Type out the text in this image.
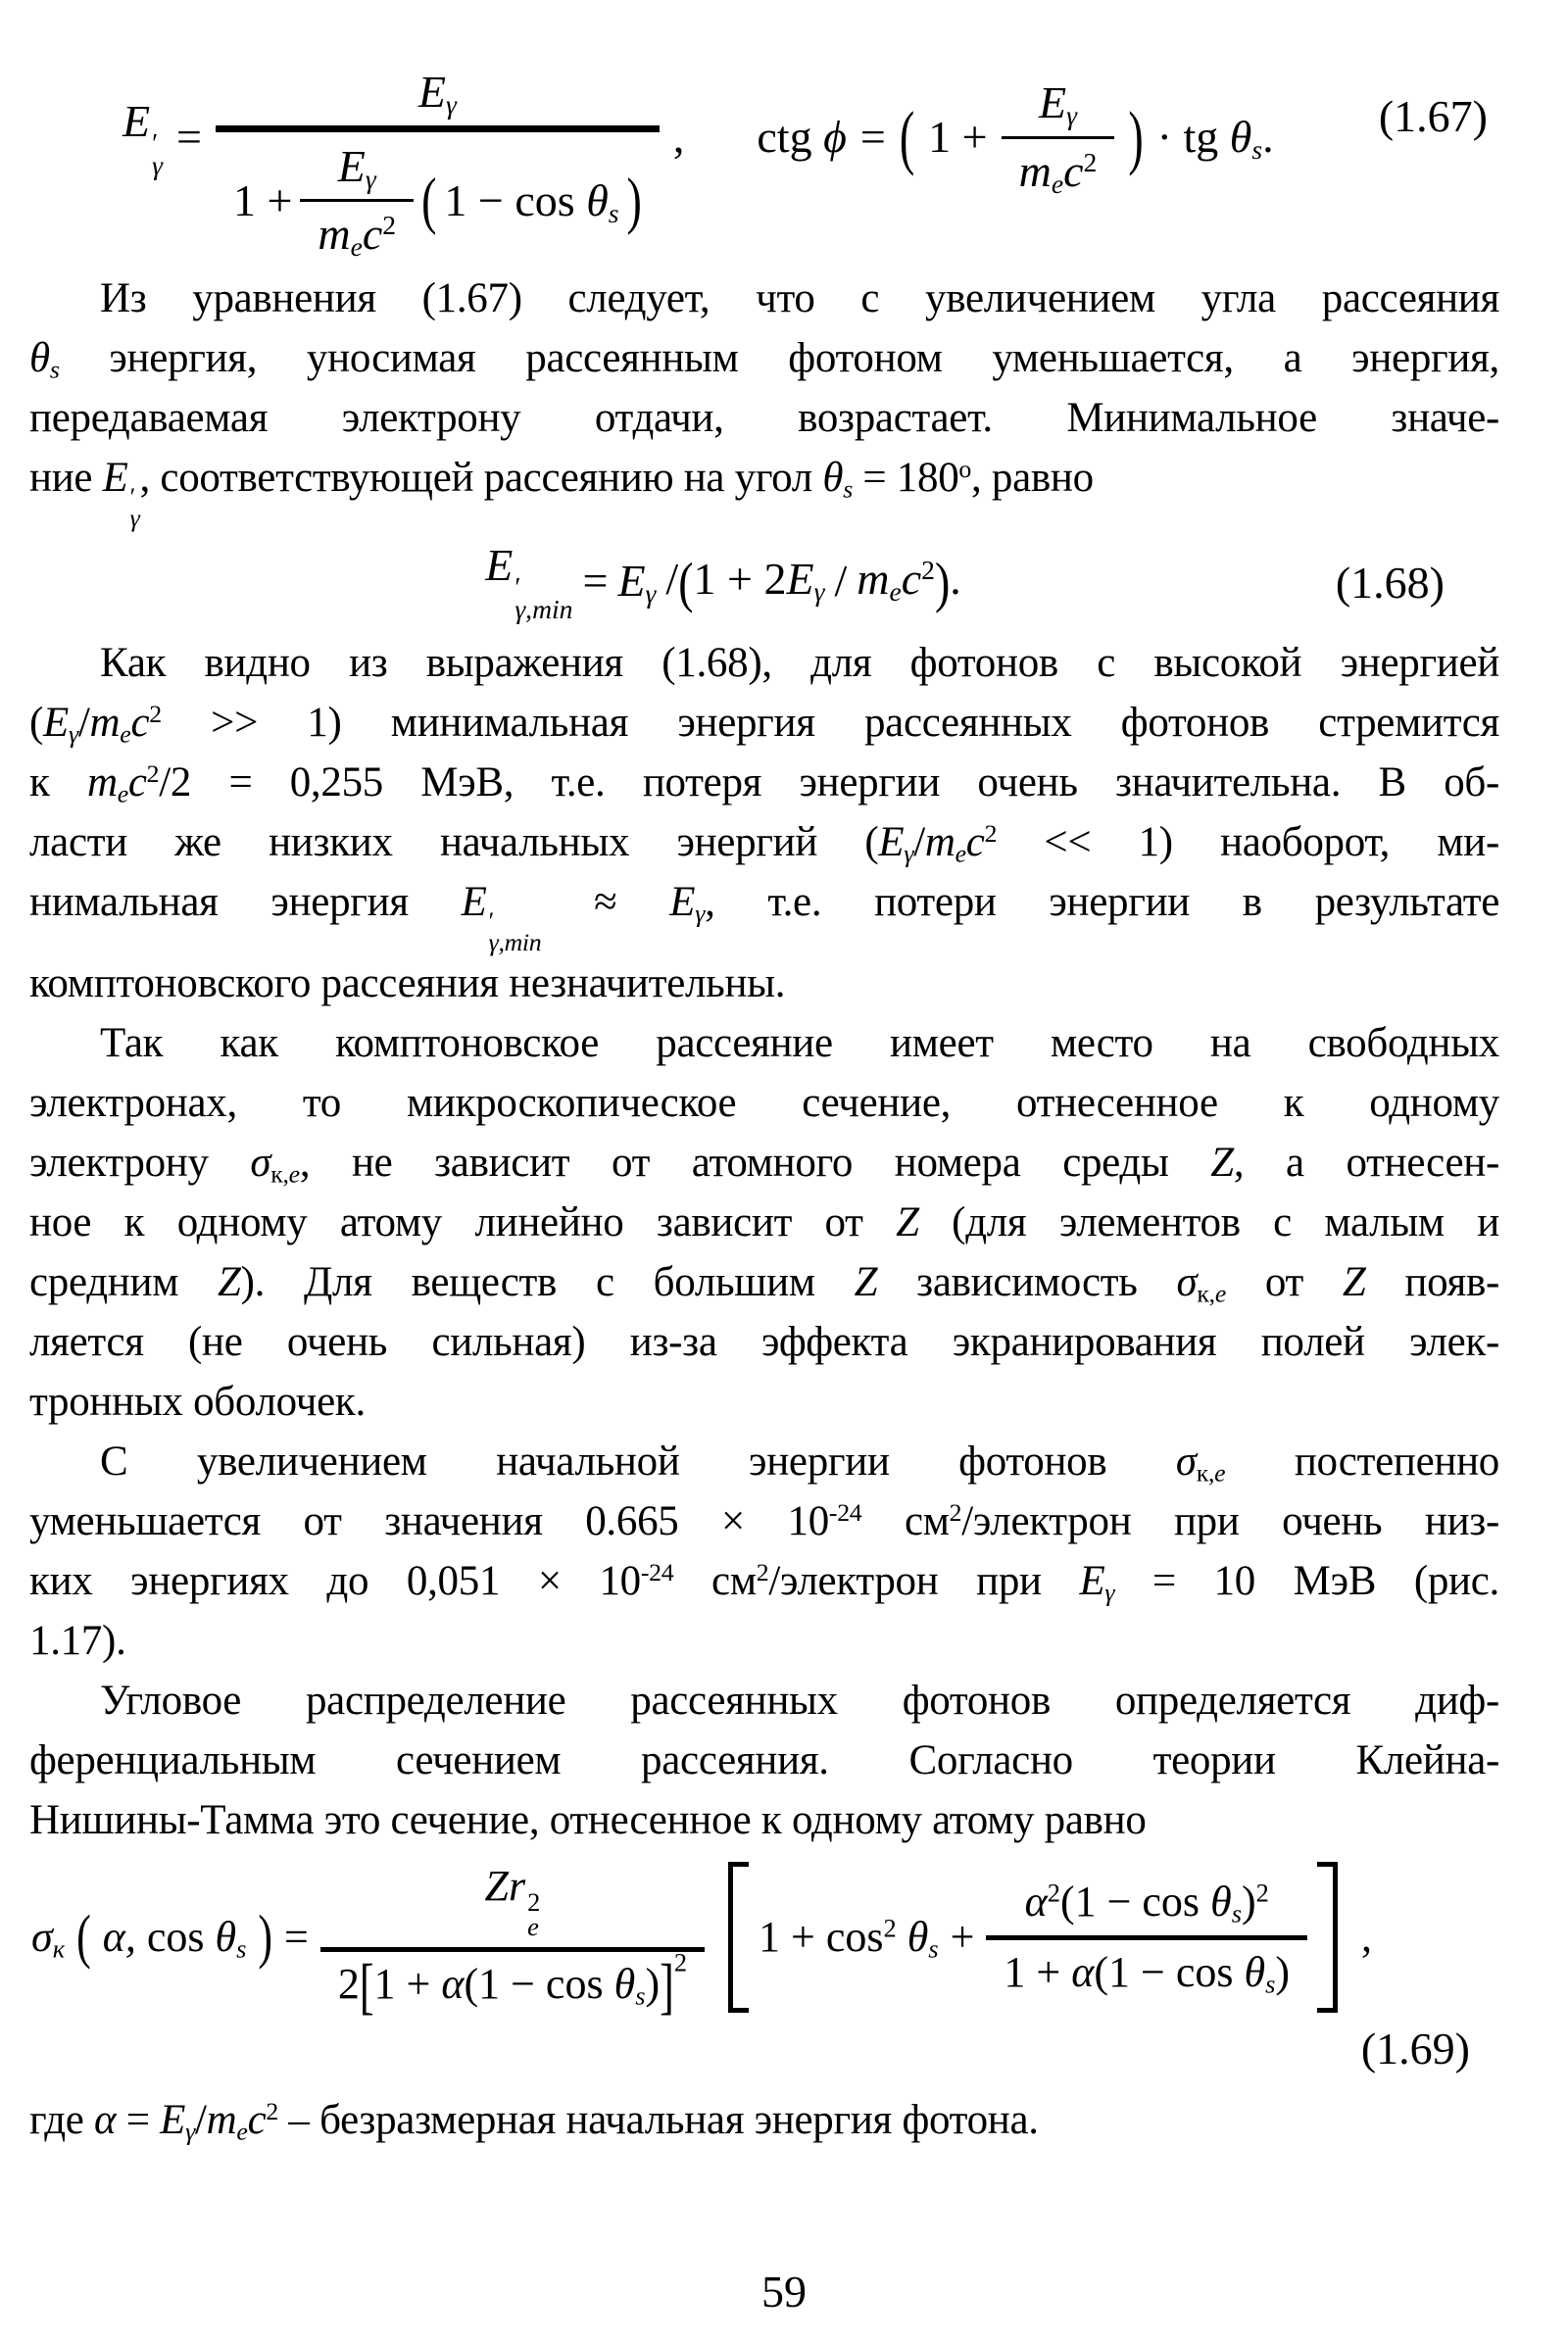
E ′
γ
=
Eγ
$1 + \frac{E\gamma}{mec^2}$ ( 1 − cos θs )
, ctg ϕ = ( $1 + \frac{E\gamma}{mec^2}$ ) · tg θs. (1.67)
Из уравнения (1.67) следует, что с увеличением угла рассеяния
θs энергия, уносимая рассеянным фотоном уменьшается, а энергия,
передаваемая электрону отдачи, возрастает. Минимальное значе-
ние E ′
γ
, соответствующей рассеянию на угол $\theta s = 180^о$, равно
E ′
γ,min
= Eγ /(1 + 2Eγ / mec$^2$).	(1.68)
Как видно из выражения (1.68), для фотонов с высокой энергией
(Eγ/mec$^2$ >> 1) минимальная энергия рассеянных фотонов стремится
к mec$^2$/2 = 0,255 МэВ, т.е. потеря энергии очень значительна. В об-
ласти же низких начальных энергий (Eγ/mec$^2$ << 1) наоборот, ми-
нимальная энергия E ′
γ,min
≈ Eγ, т.е. потери энергии в результате
комптоновского рассеяния незначительны.
Так как комптоновское рассеяние имеет место на свободных
электронах, то микроскопическое сечение, отнесенное к одному
электрону σк,e, не зависит от атомного номера среды Z, а отнесен-
ное к одному атому линейно зависит от Z (для элементов с малым и
средним Z). Для веществ с большим Z зависимость σк,e от Z появ-
ляется (не очень сильная) из-за эффекта экранирования полей элек-
тронных оболочек.
С увеличением начальной энергии фотонов σк,e постепенно
уменьшается от значения $0.665 \times 10^{-24}$ $см^2$/электрон при очень низ-
ких энергиях до $0,051 \times 10^{-24}$ $см^2$/электрон при Eγ = 10 МэВ (рис.
1.17).
Угловое распределение рассеянных фотонов определяется диф-
ференциальным сечением рассеяния. Согласно теории Клейна-
Нишины-Тамма это сечение, отнесенное к одному атому равно
σк ( α, cos θs ) = Zr 2
e
$2[1 + \alpha(1 - \cos \theta s)]^2$ $1 + \cos^2 \theta s + \frac{\alpha^2(1 - \cos \theta s)^2}{\text{1 + α(1 − cos θs)}}$ ,
(1.69)
где α = Eγ/mec$^2$ – безразмерная начальная энергия фотона.
59
